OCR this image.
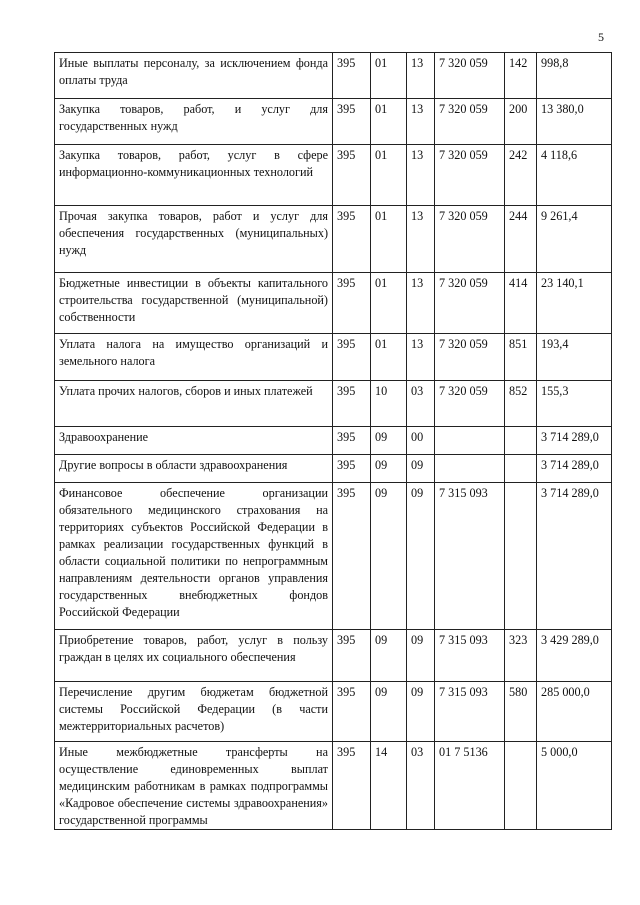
5
Иные выплаты персоналу, за исключением фонда оплаты труда	395	01	13	7 320 059	142	998,8
Закупка товаров, работ, и услуг для государственных нужд	395	01	13	7 320 059	200	13 380,0
Закупка товаров, работ, услуг в сфере информационно-коммуникационных технологий	395	01	13	7 320 059	242	4 118,6
Прочая закупка товаров, работ и услуг для обеспечения государственных (муниципальных) нужд	395	01	13	7 320 059	244	9 261,4
Бюджетные инвестиции в объекты капитального строительства государственной (муниципальной) собственности	395	01	13	7 320 059	414	23 140,1
Уплата налога на имущество организаций и земельного налога	395	01	13	7 320 059	851	193,4
Уплата прочих налогов, сборов и иных платежей	395	10	03	7 320 059	852	155,3
Здравоохранение	395	09	00			3 714 289,0
Другие вопросы в области здравоохранения	395	09	09			3 714 289,0
Финансовое обеспечение организации обязательного медицинского страхования на территориях субъектов Российской Федерации в рамках реализации государственных функций в области социальной политики по непрограммным направлениям деятельности органов управления государственных внебюджетных фондов Российской Федерации	395	09	09	7 315 093		3 714 289,0
Приобретение товаров, работ, услуг в пользу граждан в целях их социального обеспечения	395	09	09	7 315 093	323	3 429 289,0
Перечисление другим бюджетам бюджетной системы Российской Федерации (в части межтерриториальных расчетов)	395	09	09	7 315 093	580	285 000,0
Иные межбюджетные трансферты на осуществление единовременных выплат медицинским работникам в рамках подпрограммы «Кадровое обеспечение системы здравоохранения» государственной программы	395	14	03	01 7 5136		5 000,0
